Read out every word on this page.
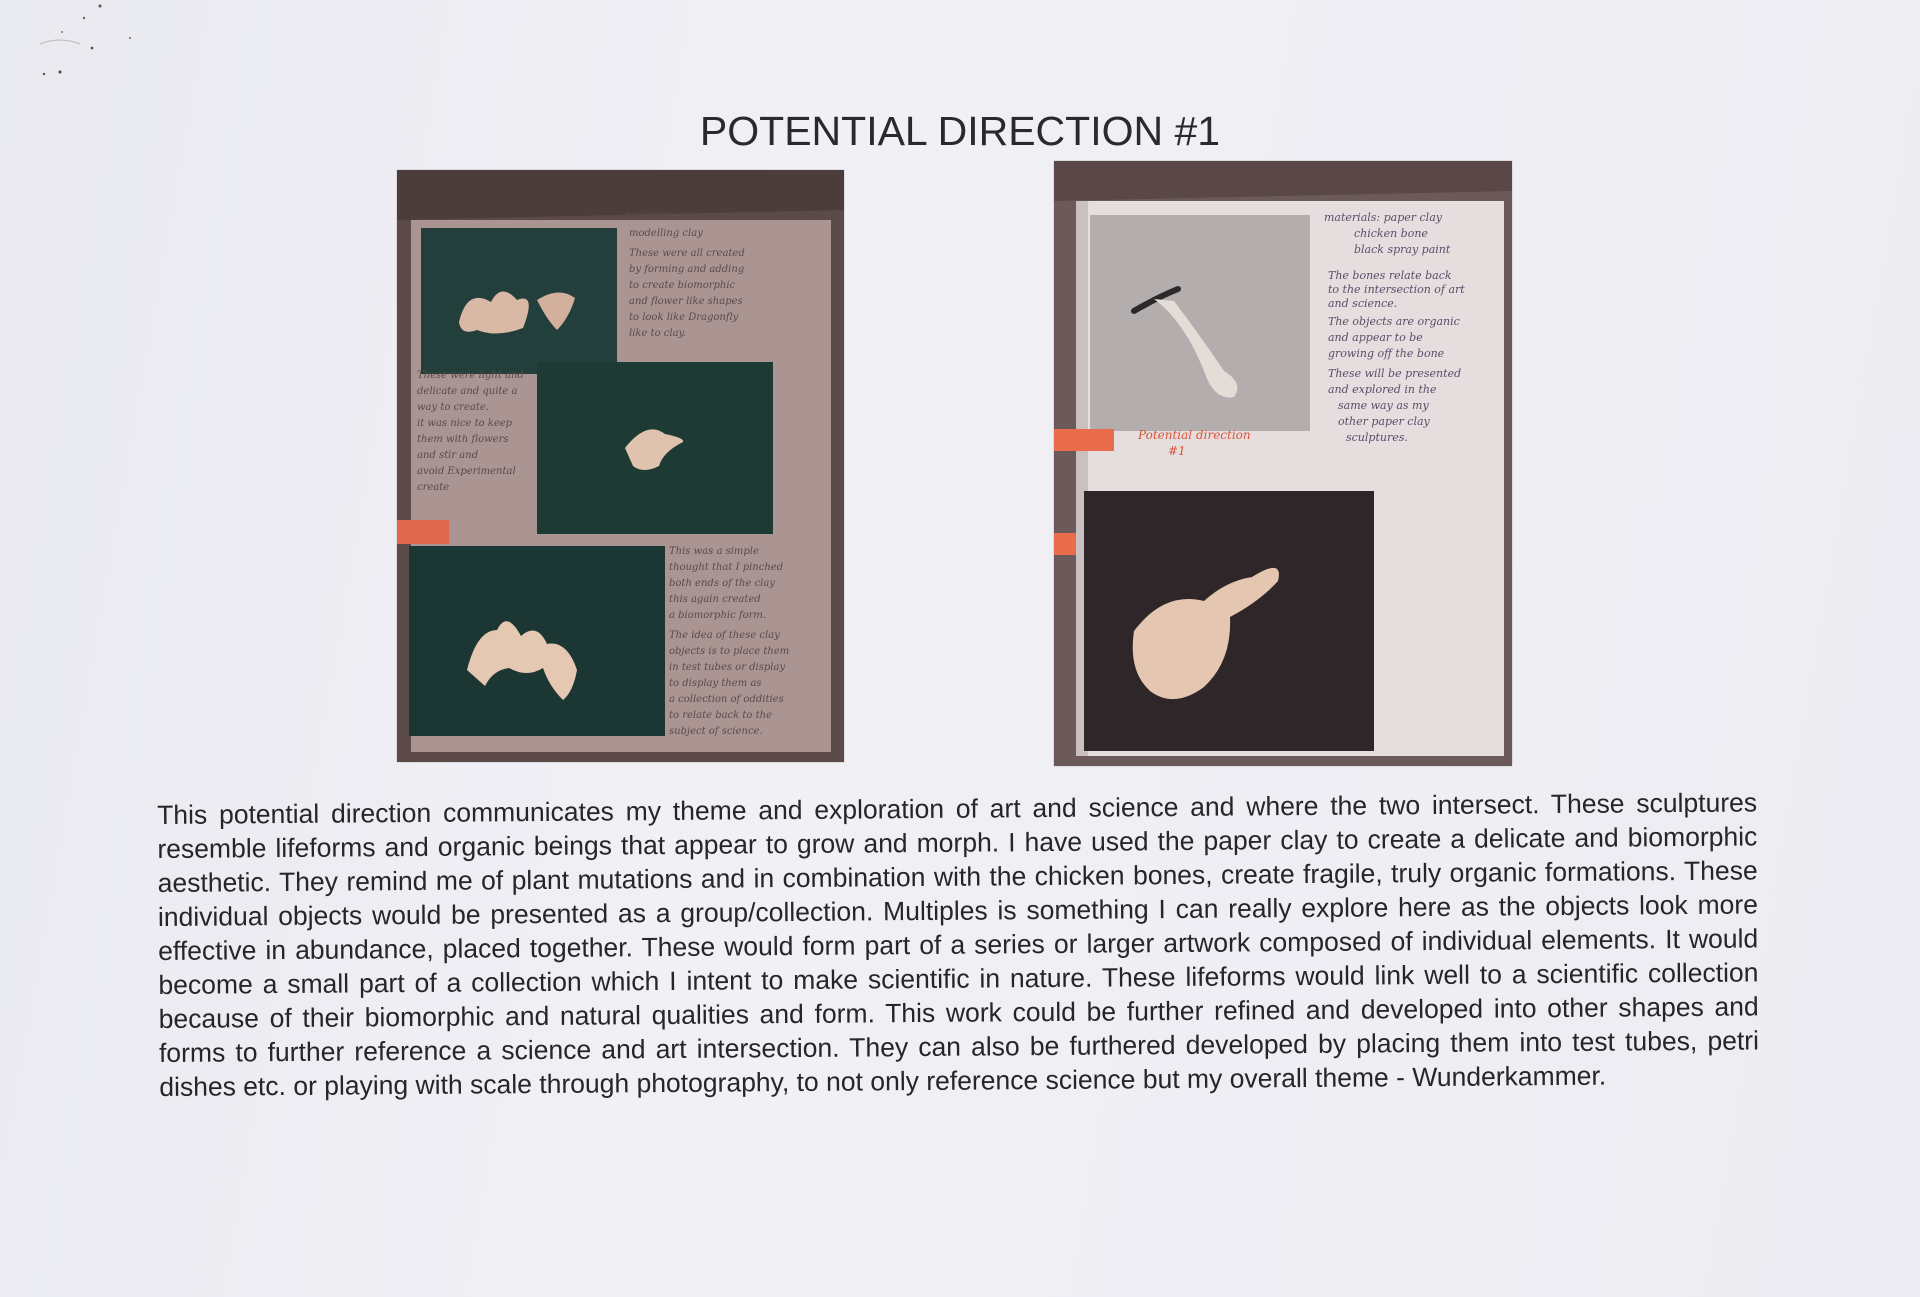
POTENTIAL DIRECTION #1
materials: air dry
modelling clay
These were all created
by forming and adding
to create biomorphic
and flower like shapes
to look like Dragonfly
like to clay.
These were light and
delicate and quite a
way to create.
it was nice to keep
them with flowers
and stir and
avoid Experimental
create
This was a simple
thought that I pinched
both ends of the clay
this again created
a biomorphic form.
The idea of these clay
objects is to place them
in test tubes or display
to display them as
a collection of oddities
to relate back to the
subject of science.
materials: paper clay
chicken bone
black spray paint
The bones relate back
to the intersection of art
and science.
The objects are organic
and appear to be
growing off the bone
These will be presented
and explored in the
same way as my
other paper clay
sculptures.
Potential direction
#1
This potential direction communicates my theme and exploration of art and science and where the two intersect. These sculptures resemble lifeforms and organic beings that appear to grow and morph. I have used the paper clay to create a delicate and biomorphic aesthetic. They remind me of plant mutations and in combination with the chicken bones, create fragile, truly organic formations. These individual objects would be presented as a group/collection. Multiples is something I can really explore here as the objects look more effective in abundance, placed together. These would form part of a series or larger artwork composed of individual elements. It would become a small part of a collection which I intent to make scientific in nature. These lifeforms would link well to a scientific collection because of their biomorphic and natural qualities and form. This work could be further refined and developed into other shapes and forms to further reference a science and art intersection. They can also be furthered developed by placing them into test tubes, petri dishes etc. or playing with scale through photography, to not only reference science but my overall theme - Wunderkammer.
